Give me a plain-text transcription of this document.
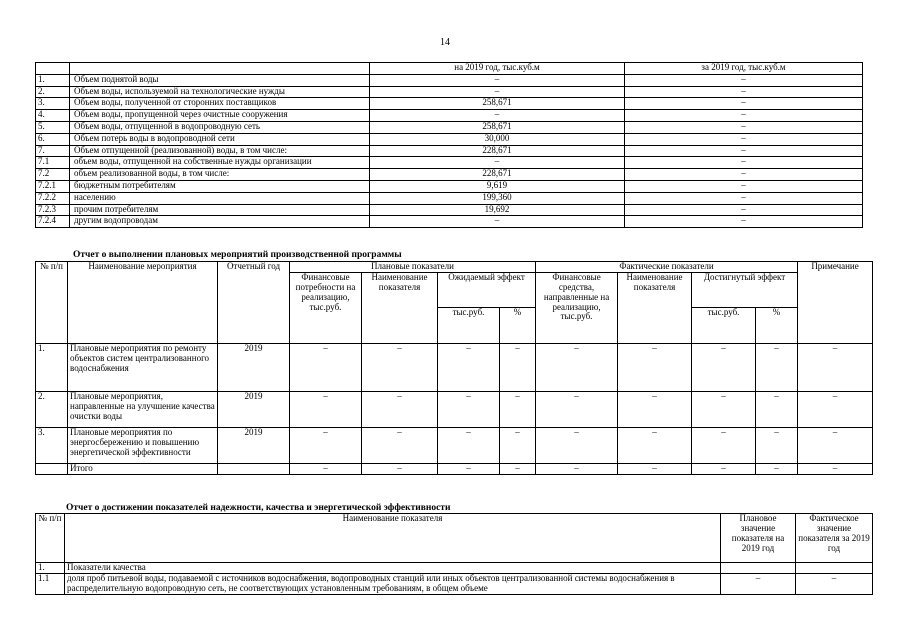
14
		на 2019 год, тыс.куб.м	за 2019 год, тыс.куб.м
1.	Объем поднятой воды	–	–
2.	Объем воды, используемой на технологические нужды	–	–
3.	Объем воды, полученной от сторонних поставщиков	258,671	–
4.	Объем воды, пропущенной через очистные сооружения	–	–
5.	Объем воды, отпущенной в водопроводную сеть	258,671	–
6.	Объем потерь воды в водопроводной сети	30,000	–
7.	Объем отпущенной (реализованной) воды, в том числе:	228,671	–
7.1	объем воды, отпущенной на собственные нужды организации	–	–
7.2	объем реализованной воды, в том числе:	228,671	–
7.2.1	бюджетным потребителям	9,619	–
7.2.2	населению	199,360	–
7.2.3	прочим потребителям	19,692	–
7.2.4	другим водопроводам	–	–
Отчет о выполнении плановых мероприятий производственной программы
№ п/п	Наименование мероприятия	Отчетный год	Плановые показатели				Фактические показатели				Примечание
			Финансовые потребности на реализацию, тыс.руб.	Наименование показателя	Ожидаемый эффект		Финансовые средства, направленные на реализацию, тыс.руб.	Наименование показателя	Достигнутый эффект		
					тыс.руб.	%			тыс.руб.	%	
1.	Плановые мероприятия по ремонту объектов систем централизованного водоснабжения	2019	–	–	–	–	–	–	–	–	–
2.	Плановые мероприятия, направленные на улучшение качества очистки воды	2019	–	–	–	–	–	–	–	–	–
3.	Плановые мероприятия по энергосбережению и повышению энергетической эффективности	2019	–	–	–	–	–	–	–	–	–
	Итого		–	–	–	–	–	–	–	–	–
Отчет о достижении показателей надежности, качества и энергетической эффективности
№ п/п	Наименование показателя	Плановое значение показателя на 2019 год	Фактическое значение показателя за 2019 год
1.	Показатели качества		
1.1	доля проб питьевой воды, подаваемой с источников водоснабжения, водопроводных станций или иных объектов централизованной системы водоснабжения в распределительную водопроводную сеть, не соответствующих установленным требованиям, в общем объеме	–	–
